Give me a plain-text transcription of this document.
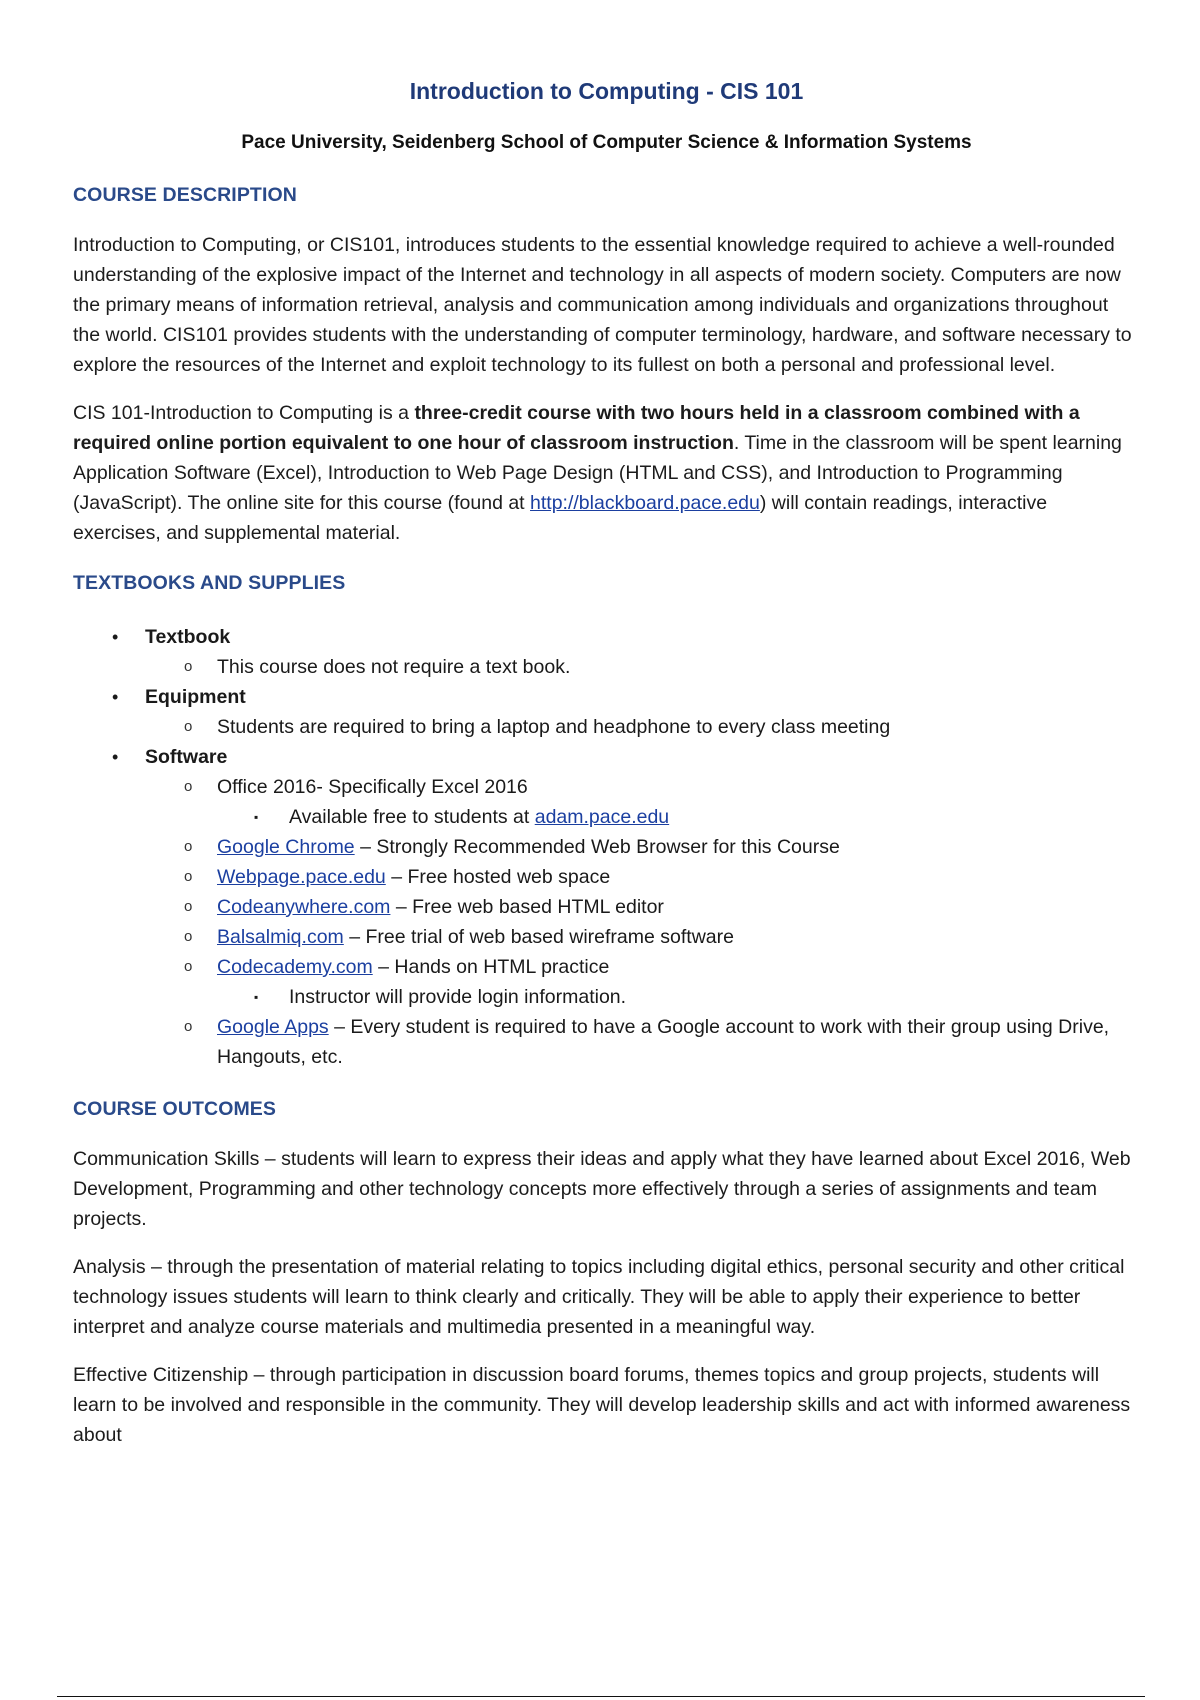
Introduction to Computing - CIS 101

Pace University, Seidenberg School of Computer Science & Information Systems

COURSE DESCRIPTION

Introduction to Computing, or CIS101, introduces students to the essential knowledge required to achieve a well-rounded understanding of the explosive impact of the Internet and technology in all aspects of modern society. Computers are now the primary means of information retrieval, analysis and communication among individuals and organizations throughout the world. CIS101 provides students with the understanding of computer terminology, hardware, and software necessary to explore the resources of the Internet and exploit technology to its fullest on both a personal and professional level.

CIS 101-Introduction to Computing is a three-credit course with two hours held in a classroom combined with a required online portion equivalent to one hour of classroom instruction. Time in the classroom will be spent learning Application Software (Excel), Introduction to Web Page Design (HTML and CSS), and Introduction to Programming (JavaScript). The online site for this course (found at http://blackboard.pace.edu) will contain readings, interactive exercises, and supplemental material.

TEXTBOOKS AND SUPPLIES
• Textbook
o This course does not require a text book.
• Equipment
o Students are required to bring a laptop and headphone to every class meeting
• Software
o Office 2016- Specifically Excel 2016
▪ Available free to students at adam.pace.edu
o Google Chrome – Strongly Recommended Web Browser for this Course
o Webpage.pace.edu – Free hosted web space
o Codeanywhere.com – Free web based HTML editor
o Balsalmiq.com – Free trial of web based wireframe software
o Codecademy.com – Hands on HTML practice
▪ Instructor will provide login information.
o Google Apps – Every student is required to have a Google account to work with their group using Drive, Hangouts, etc.
COURSE OUTCOMES

Communication Skills – students will learn to express their ideas and apply what they have learned about Excel 2016, Web Development, Programming and other technology concepts more effectively through a series of assignments and team projects.

Analysis – through the presentation of material relating to topics including digital ethics, personal security and other critical technology issues students will learn to think clearly and critically. They will be able to apply their experience to better interpret and analyze course materials and multimedia presented in a meaningful way.

Effective Citizenship – through participation in discussion board forums, themes topics and group projects, students will learn to be involved and responsible in the community. They will develop leadership skills and act with informed awareness about
